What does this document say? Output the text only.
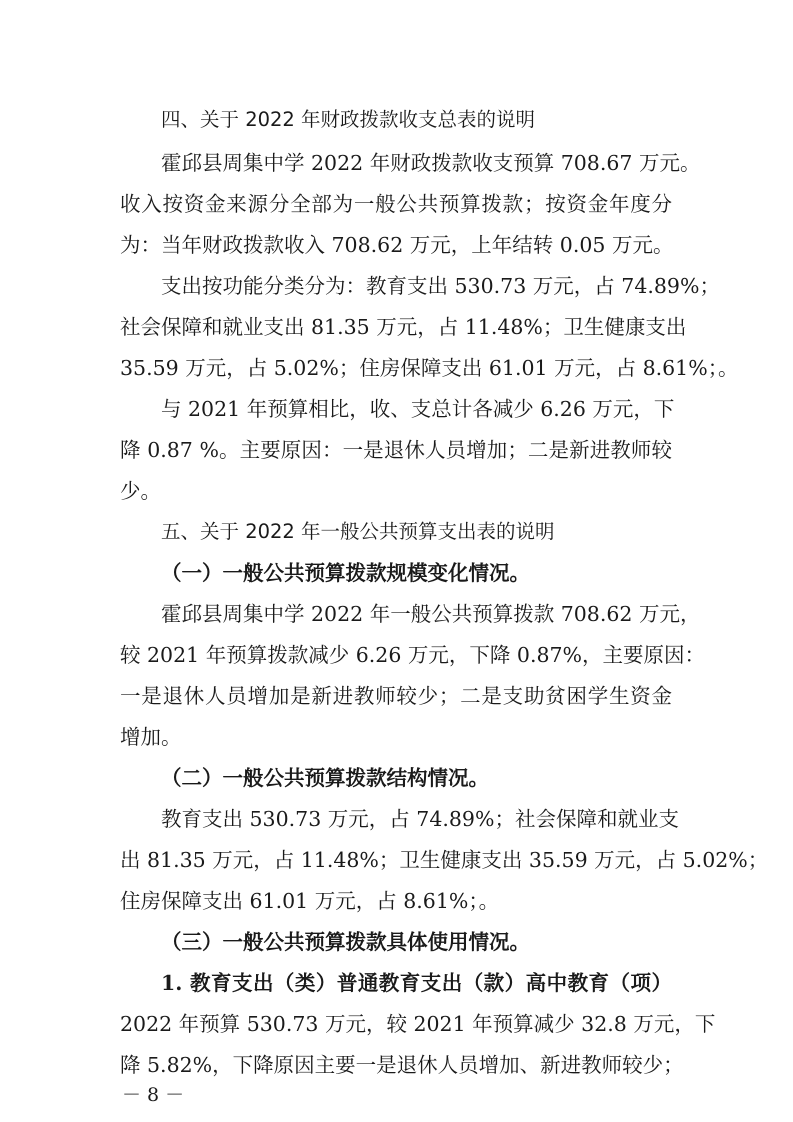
四、关于 2022 年财政拨款收支总表的说明
霍邱县周集中学 2022 年财政拨款收支预算 708.67 万元。
收入按资金来源分全部为一般公共预算拨款；按资金年度分
为：当年财政拨款收入 708.62 万元，上年结转 0.05 万元。
支出按功能分类分为：教育支出 530.73 万元，占 74.89%；
社会保障和就业支出 81.35 万元，占 11.48%；卫生健康支出
35.59 万元，占 5.02%；住房保障支出 61.01 万元，占 8.61%；。
与 2021 年预算相比，收、支总计各减少 6.26 万元，下
降 0.87 %。主要原因：一是退休人员增加；二是新进教师较
少。
五、关于 2022 年一般公共预算支出表的说明
（一）一般公共预算拨款规模变化情况。
霍邱县周集中学 2022 年一般公共预算拨款 708.62 万元，
较 2021 年预算拨款减少 6.26 万元，下降 0.87%，主要原因：
一是退休人员增加是新进教师较少；二是支助贫困学生资金
增加。
（二）一般公共预算拨款结构情况。
教育支出 530.73 万元，占 74.89%；社会保障和就业支
出 81.35 万元，占 11.48%；卫生健康支出 35.59 万元，占 5.02%；
住房保障支出 61.01 万元，占 8.61%；。
（三）一般公共预算拨款具体使用情况。
1. 教育支出（类）普通教育支出（款）高中教育（项）
2022 年预算 530.73 万元，较 2021 年预算减少 32.8 万元，下
降 5.82%，下降原因主要一是退休人员增加、新进教师较少；
－ 8 －
